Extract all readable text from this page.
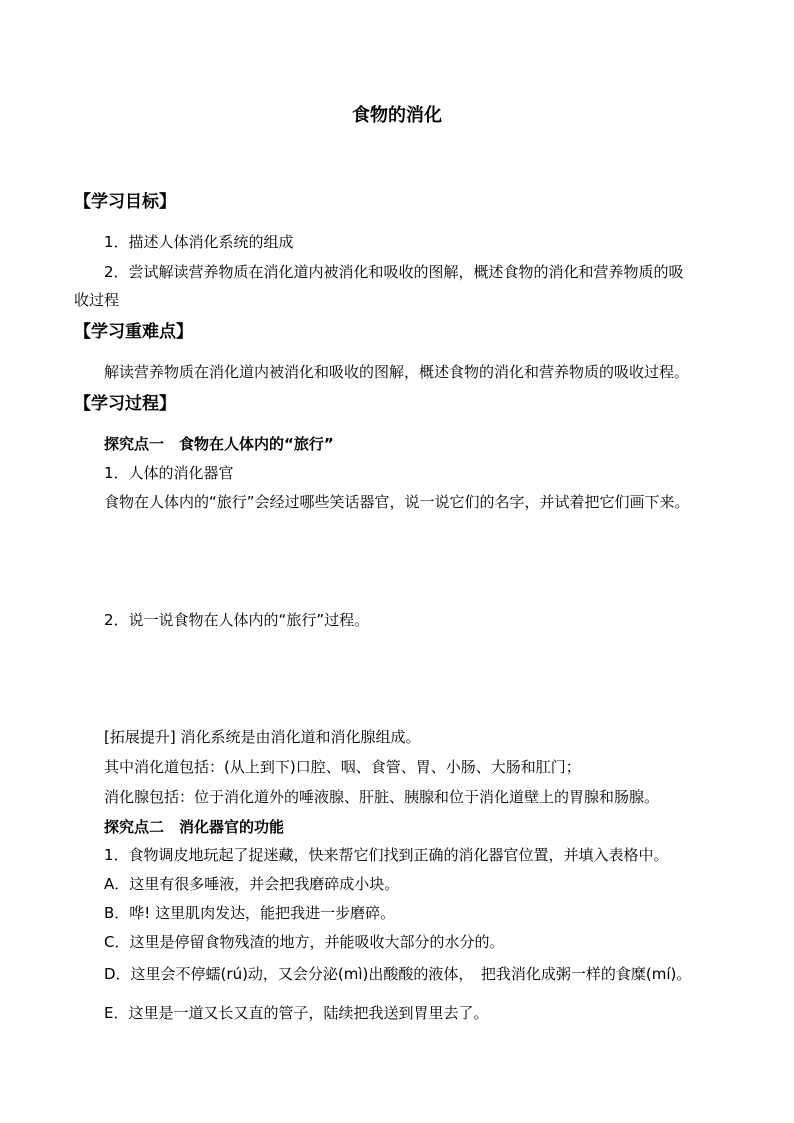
食物的消化
【学习目标】
1．描述人体消化系统的组成
2．尝试解读营养物质在消化道内被消化和吸收的图解，概述食物的消化和营养物质的吸
收过程
【学习重难点】
解读营养物质在消化道内被消化和吸收的图解，概述食物的消化和营养物质的吸收过程。
【学习过程】
探究点一　食物在人体内的“旅行”
1．人体的消化器官
食物在人体内的“旅行”会经过哪些笑话器官，说一说它们的名字，并试着把它们画下来。
2．说一说食物在人体内的“旅行”过程。
[拓展提升] 消化系统是由消化道和消化腺组成。
其中消化道包括：(从上到下)口腔、咽、食管、胃、小肠、大肠和肛门；
消化腺包括：位于消化道外的唾液腺、肝脏、胰腺和位于消化道壁上的胃腺和肠腺。
探究点二　消化器官的功能
1．食物调皮地玩起了捉迷藏，快来帮它们找到正确的消化器官位置，并填入表格中。
A．这里有很多唾液，并会把我磨碎成小块。
B．哗! 这里肌肉发达，能把我进一步磨碎。
C．这里是停留食物残渣的地方，并能吸收大部分的水分的。
D．这里会不停蠕(rú)动，又会分泌(mì)出酸酸的液体，　把我消化成粥一样的食糜(mí)。
E．这里是一道又长又直的管子，陆续把我送到胃里去了。
